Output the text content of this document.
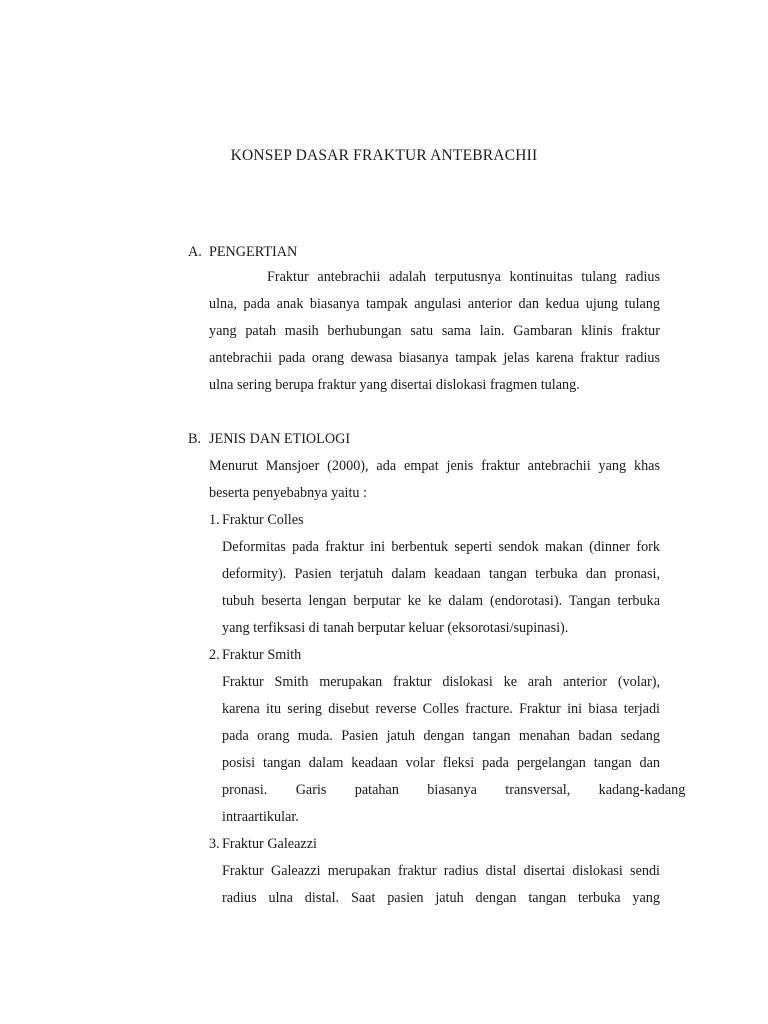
KONSEP DASAR FRAKTUR ANTEBRACHII
A. PENGERTIAN
Fraktur antebrachii adalah terputusnya kontinuitas tulang radius
ulna, pada anak biasanya tampak angulasi anterior dan kedua ujung tulang
yang patah masih berhubungan satu sama lain. Gambaran klinis fraktur
antebrachii pada orang dewasa biasanya tampak jelas karena fraktur radius
ulna sering berupa fraktur yang disertai dislokasi fragmen tulang.
B. JENIS DAN ETIOLOGI
Menurut Mansjoer (2000), ada empat jenis fraktur antebrachii yang khas
beserta penyebabnya yaitu :
1. Fraktur Colles
Deformitas pada fraktur ini berbentuk seperti sendok makan (dinner fork
deformity). Pasien terjatuh dalam keadaan tangan terbuka dan pronasi,
tubuh beserta lengan berputar ke ke dalam (endorotasi). Tangan terbuka
yang terfiksasi di tanah berputar keluar (eksorotasi/supinasi).
2. Fraktur Smith
Fraktur Smith merupakan fraktur dislokasi ke arah anterior (volar),
karena itu sering disebut reverse Colles fracture. Fraktur ini biasa terjadi
pada orang muda. Pasien jatuh dengan tangan menahan badan sedang
posisi tangan dalam keadaan volar fleksi pada pergelangan tangan dan
pronasi.        Garis        patahan        biasanya        transversal,        kadang-kadang
intraartikular.
3. Fraktur Galeazzi
Fraktur Galeazzi merupakan fraktur radius distal disertai dislokasi sendi
radius ulna distal. Saat pasien jatuh dengan tangan terbuka yang
